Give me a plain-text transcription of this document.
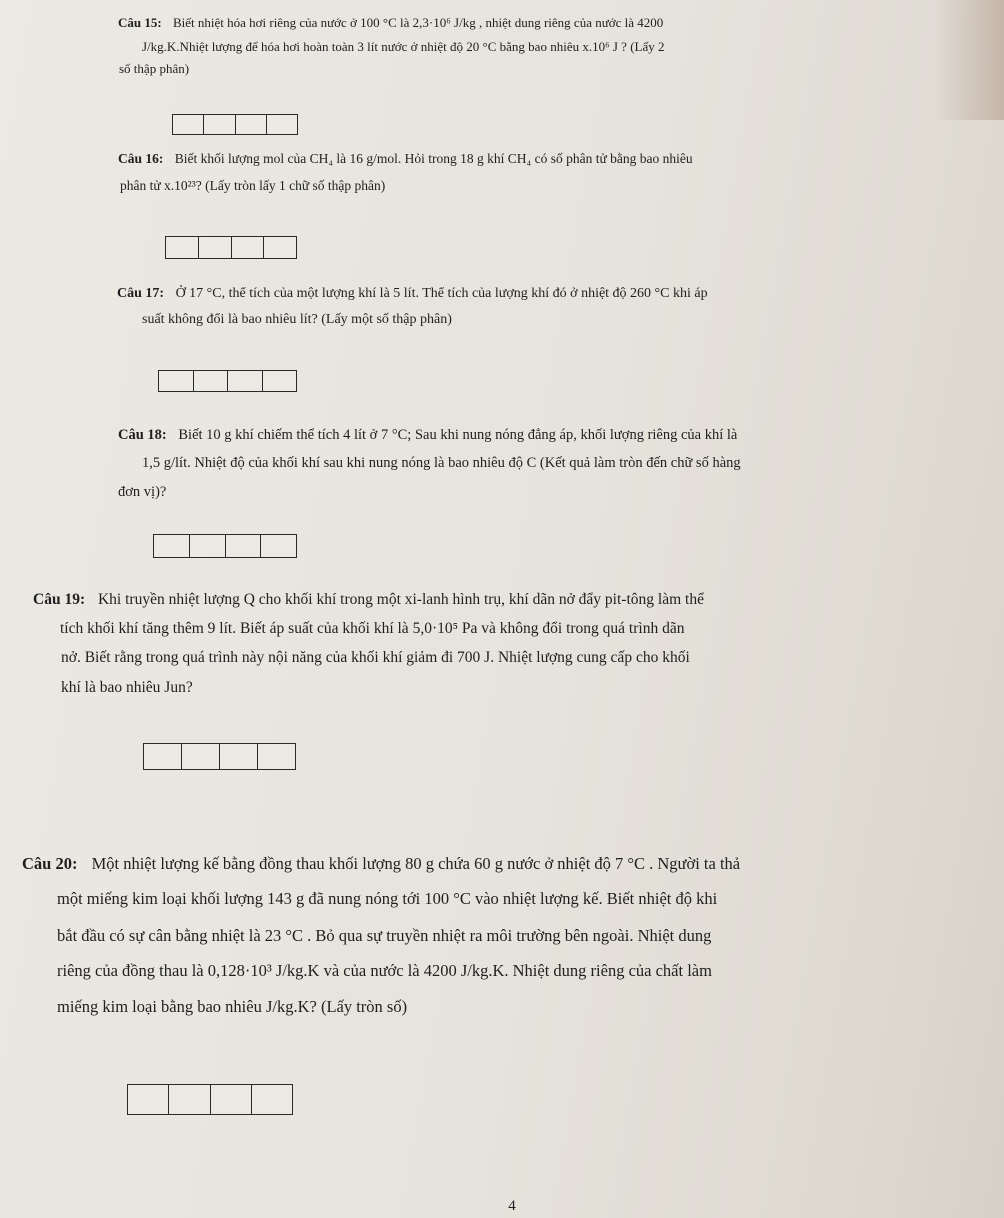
Câu 15: Biết nhiệt hóa hơi riêng của nước ở 100 °C là 2,3·10⁶ J/kg , nhiệt dung riêng của nước là 4200
J/kg.K.Nhiệt lượng để hóa hơi hoàn toàn 3 lít nước ở nhiệt độ 20 °C bằng bao nhiêu x.10⁶ J ? (Lấy 2
số thập phân)
Câu 16: Biết khối lượng mol của CH₄ là 16 g/mol. Hỏi trong 18 g khí CH₄ có số phân tử bằng bao nhiêu
phân tử x.10²³? (Lấy tròn lấy 1 chữ số thập phân)
Câu 17: Ở 17 °C, thể tích của một lượng khí là 5 lít. Thể tích của lượng khí đó ở nhiệt độ 260 °C khi áp
suất không đổi là bao nhiêu lít? (Lấy một số thập phân)
Câu 18: Biết 10 g khí chiếm thể tích 4 lít ở 7 °C; Sau khi nung nóng đẳng áp, khối lượng riêng của khí là
1,5 g/lít. Nhiệt độ của khối khí sau khi nung nóng là bao nhiêu độ C (Kết quả làm tròn đến chữ số hàng
đơn vị)?
Câu 19: Khi truyền nhiệt lượng Q cho khối khí trong một xi-lanh hình trụ, khí dãn nở đẩy pit-tông làm thể
tích khối khí tăng thêm 9 lít. Biết áp suất của khối khí là 5,0·10⁵ Pa và không đổi trong quá trình dãn
nở. Biết rằng trong quá trình này nội năng của khối khí giảm đi 700 J. Nhiệt lượng cung cấp cho khối
khí là bao nhiêu Jun?
Câu 20: Một nhiệt lượng kế bằng đồng thau khối lượng 80 g chứa 60 g nước ở nhiệt độ 7 °C . Người ta thả
một miếng kim loại khối lượng 143 g đã nung nóng tới 100 °C vào nhiệt lượng kế. Biết nhiệt độ khi
bắt đầu có sự cân bằng nhiệt là 23 °C . Bỏ qua sự truyền nhiệt ra môi trường bên ngoài. Nhiệt dung
riêng của đồng thau là 0,128·10³ J/kg.K và của nước là 4200 J/kg.K. Nhiệt dung riêng của chất làm
miếng kim loại bằng bao nhiêu J/kg.K? (Lấy tròn số)
4
